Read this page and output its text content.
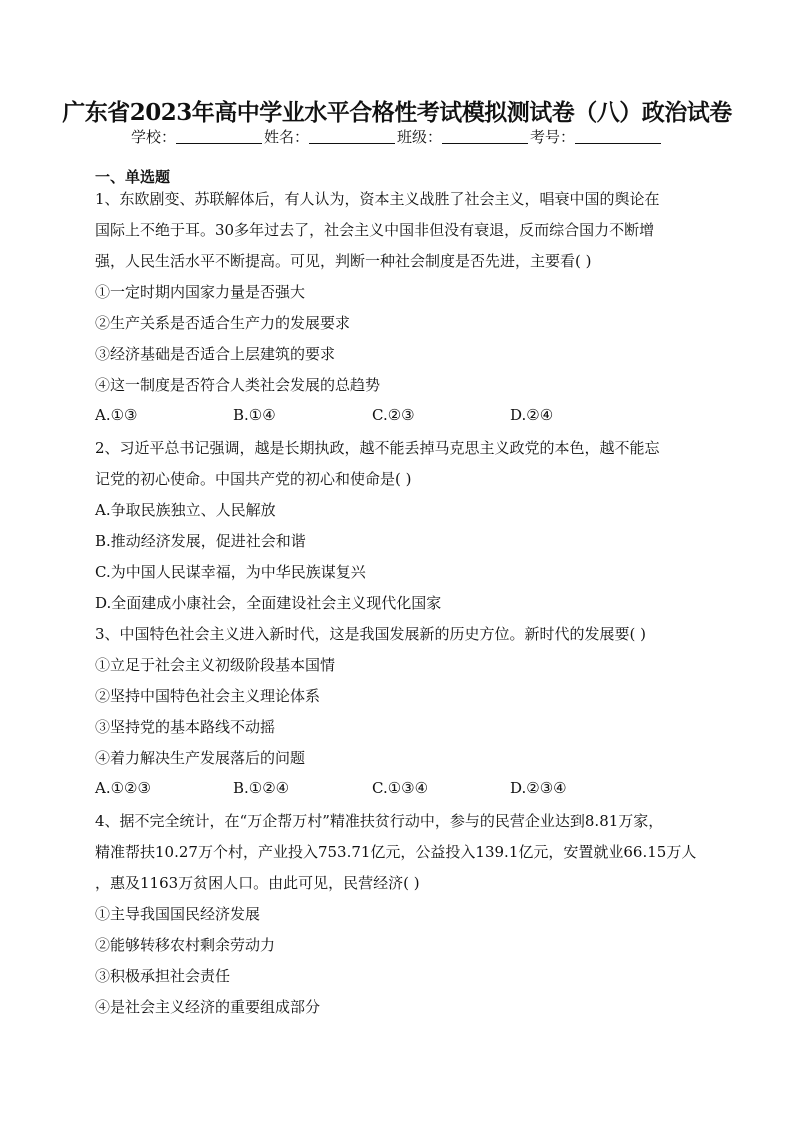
广东省2023年高中学业水平合格性考试模拟测试卷（八）政治试卷
学校：	姓名：	班级：	考号：
一、单选题
1、东欧剧变、苏联解体后，有人认为，资本主义战胜了社会主义，唱衰中国的舆论在
国际上不绝于耳。30多年过去了，社会主义中国非但没有衰退，反而综合国力不断增
强，人民生活水平不断提高。可见，判断一种社会制度是否先进，主要看( )
①一定时期内国家力量是否强大
②生产关系是否适合生产力的发展要求
③经济基础是否适合上层建筑的要求
④这一制度是否符合人类社会发展的总趋势
A.①③	B.①④	C.②③	D.②④
2、习近平总书记强调，越是长期执政，越不能丢掉马克思主义政党的本色，越不能忘
记党的初心使命。中国共产党的初心和使命是( )
A.争取民族独立、人民解放
B.推动经济发展，促进社会和谐
C.为中国人民谋幸福，为中华民族谋复兴
D.全面建成小康社会，全面建设社会主义现代化国家
3、中国特色社会主义进入新时代，这是我国发展新的历史方位。新时代的发展要( )
①立足于社会主义初级阶段基本国情
②坚持中国特色社会主义理论体系
③坚持党的基本路线不动摇
④着力解决生产发展落后的问题
A.①②③	B.①②④	C.①③④	D.②③④
4、据不完全统计，在“万企帮万村”精准扶贫行动中，参与的民营企业达到8.81万家，
精准帮扶10.27万个村，产业投入753.71亿元，公益投入139.1亿元，安置就业66.15万人
，惠及1163万贫困人口。由此可见，民营经济( )
①主导我国国民经济发展
②能够转移农村剩余劳动力
③积极承担社会责任
④是社会主义经济的重要组成部分
